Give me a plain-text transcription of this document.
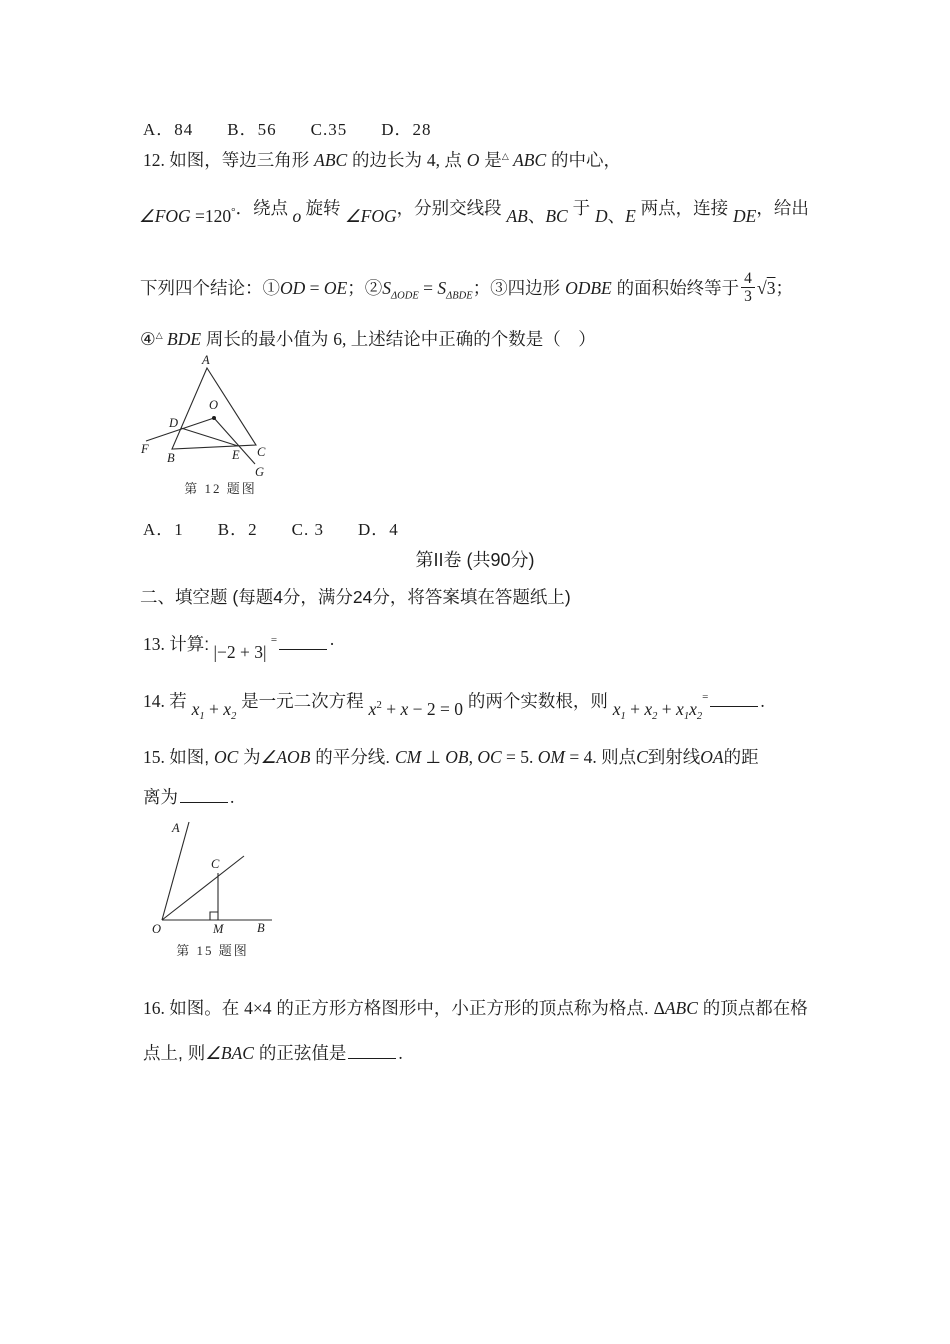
A．84 B．56 C.35 D．28
12. 如图，等边三角形 ABC 的边长为 4, 点 O 是△ ABC 的中心，
∠FOG =120°．绕点 o 旋转 ∠FOG，分别交线段 AB、BC 于 D、E 两点，连接 DE，给出
下列四个结论：①OD = OE；$②S_{\Delta ODE} = S_{\Delta BDE}$；③四边形 ODBE 的面积始终等于 $\frac{4}{3} √3$；
④△ BDE 周长的最小值为 6, 上述结论中正确的个数是（　）
A
B	C
D
O
E
F
G
第 12 题图
A．1 B．2 C. 3 D．4
第II卷 (共90分)
二、填空题 (每题4分，满分24分，将答案填在答题纸上)
13. 计算: |−2 + 3| =	·
14. 若 $x_1 + x_2$ 是一元二次方程 $x^2 + x - 2 = 0$ 的两个实数根，则 $x_1 + x_2 + x_1x_2^=$	.
15. 如图, OC 为∠AOB 的平分线. CM ⊥ OB, OC = 5. OM = 4. 则点C到射线OA的距
离为	.
A
C
O	M	B
第 15 题图
16. 如图。在 4×4 的正方形方格图形中，小正方形的顶点称为格点. ΔABC 的顶点都在格
点上, 则∠BAC 的正弦值是	.
